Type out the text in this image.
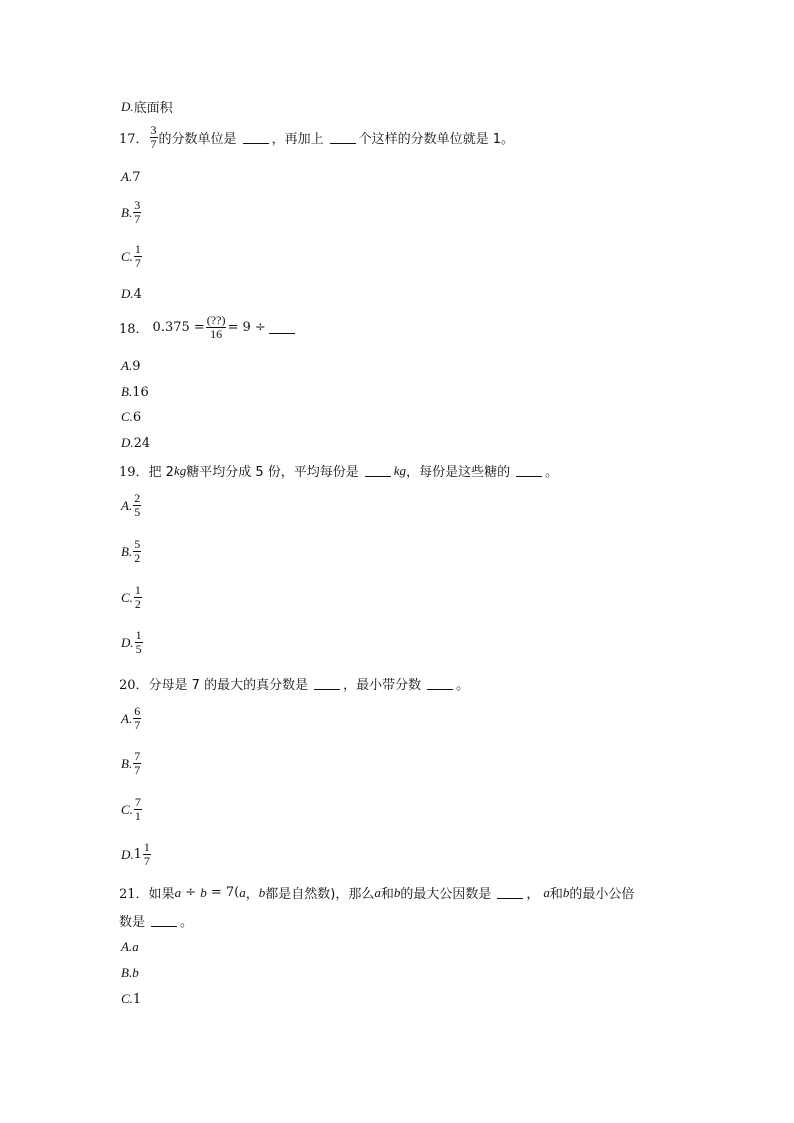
D . 底面积
17． $\frac{3}{7}$ 的分数单位是	，再加上	个这样的分数单位就是 1。
A . 7
B . $\frac{3}{7}$
C . $\frac{1}{7}$
D . 4
18． $0.375 = \frac{(??)}{16} = 9$ ÷
A . 9
B . 16
C . 6
D . 24
19． 把 2 kg 糖平均分成 5 份，平均每份是	kg ，每份是这些糖的	。
A . $\frac{2}{5}$
B . $\frac{5}{2}$
C . $\frac{1}{2}$
D . $\frac{1}{5}$
20． 分母是 7 的最大的真分数是	，最小带分数	。
A . $\frac{6}{7}$
B . $\frac{7}{7}$
C . $\frac{7}{1}$
D . $1 \frac{1}{7}$
21． 如果 a ÷ b = 7( a ， b 都是自然数)，那么 a 和 b 的最大公因数是	， a 和 b 的最小公倍
数是	。
A . a
B . b
C . 1
